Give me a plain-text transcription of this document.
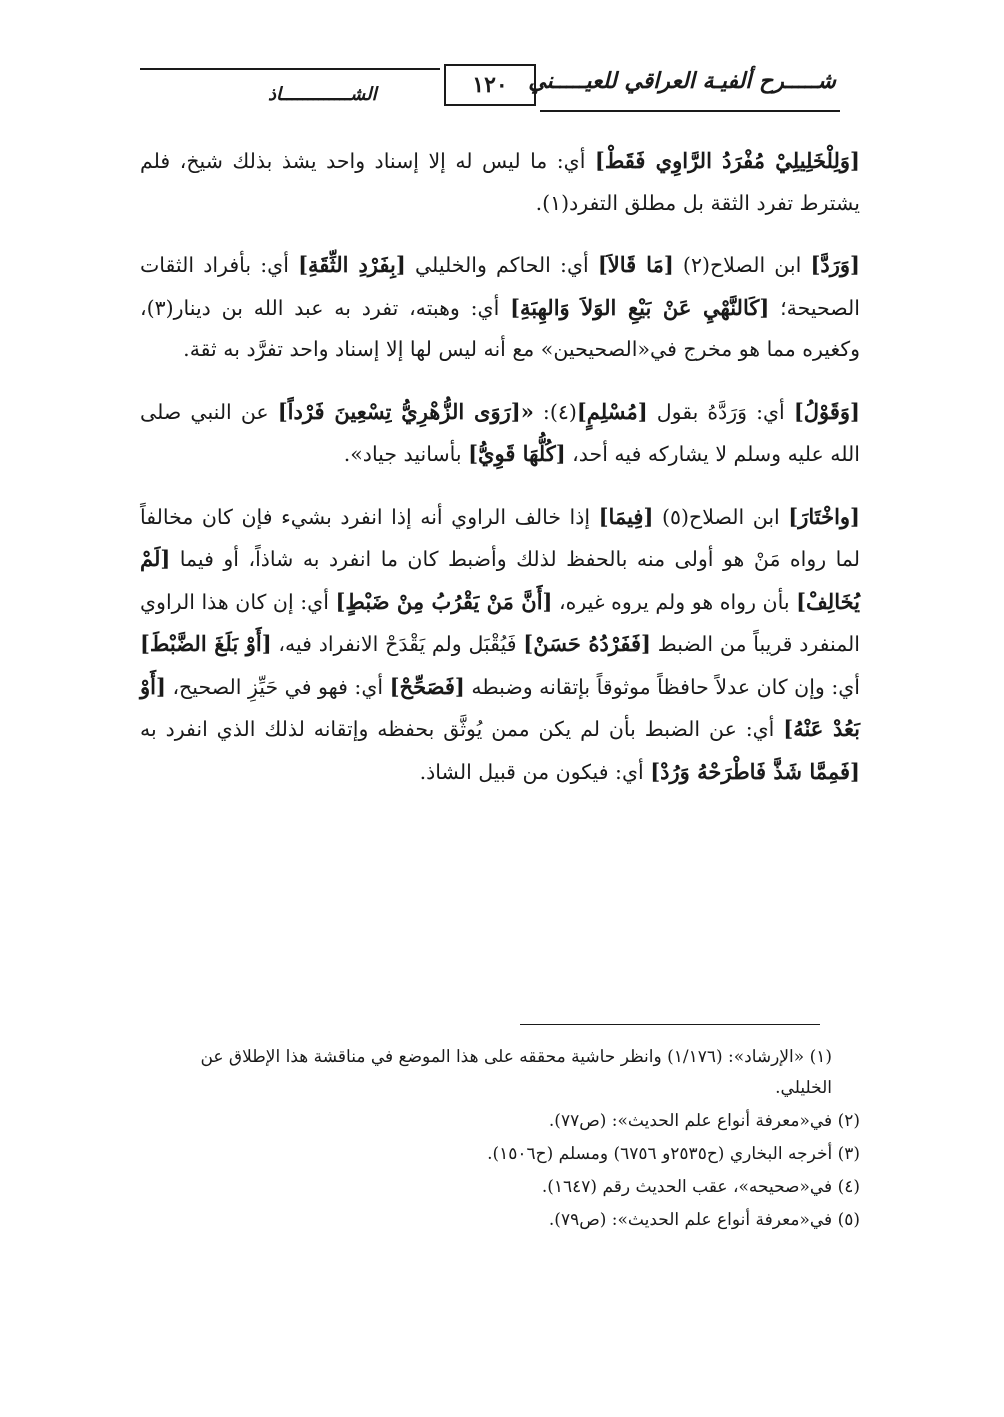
شـــــرح ألفيـة العراقي للعيـــــني
١٢٠
الشـــــــــــــاذ

[وَلِلْخَلِيلِيْ مُفْرَدُ الرَّاوِي فَقَطْ] أي: ما ليس له إلا إسناد واحد يشذ بذلك شيخ، فلم يشترط تفرد الثقة بل مطلق التفرد(١).

[وَرَدَّ] ابن الصلاح(٢) [مَا قَالاَ] أي: الحاكم والخليلي [بِفَرْدِ الثِّقَةِ] أي: بأفراد الثقات الصحيحة؛ [كَالنَّهْيِ عَنْ بَيْعِ الوَلاَ وَالهِبَةِ] أي: وهبته، تفرد به عبد الله بن دينار(٣)، وكغيره مما هو مخرج في«الصحيحين» مع أنه ليس لها إلا إسناد واحد تفرَّد به ثقة.

[وَقَوْلُ] أي: وَرَدَّهُ بقول [مُسْلِمٍ](٤): «[رَوَى الزُّهْرِيُّ تِسْعِينَ فَرْداً] عن النبي صلى الله عليه وسلم لا يشاركه فيه أحد، [كُلُّهَا قَوِيُّ] بأسانيد جياد».

[واخْتَارَ] ابن الصلاح(٥) [فِيمَا] إذا خالف الراوي أنه إذا انفرد بشيء فإن كان مخالفاً لما رواه مَنْ هو أولى منه بالحفظ لذلك وأضبط كان ما انفرد به شاذاً، أو فيما [لَمْ يُخَالِفْ] بأن رواه هو ولم يروه غيره، [أَنَّ مَنْ يَقْرُبُ مِنْ ضَبْطٍ] أي: إن كان هذا الراوي المنفرد قريباً من الضبط [فَفَرْدُهُ حَسَنْ] فَيُقْبَل ولم يَقْدَحْ الانفراد فيه، [أَوْ بَلَغَ الضَّبْطَ] أي: وإن كان عدلاً حافظاً موثوقاً بإتقانه وضبطه [فَصَحِّحْ] أي: فهو في حَيِّزِ الصحيح، [أَوْ بَعُدْ عَنْهُ] أي: عن الضبط بأن لم يكن ممن يُوثَّق بحفظه وإتقانه لذلك الذي انفرد به [فَمِمَّا شَذَّ فَاطْرَحْهُ وَرُدْ] أي: فيكون من قبيل الشاذ.

(١) «الإرشاد»: (١/١٧٦) وانظر حاشية محققه على هذا الموضع في مناقشة هذا الإطلاق عن الخليلي.
(٢) في«معرفة أنواع علم الحديث»: (ص٧٧).
(٣) أخرجه البخاري (ح٢٥٣٥و ٦٧٥٦) ومسلم (ح١٥٠٦).
(٤) في«صحيحه»، عقب الحديث رقم (١٦٤٧).
(٥) في«معرفة أنواع علم الحديث»: (ص٧٩).
